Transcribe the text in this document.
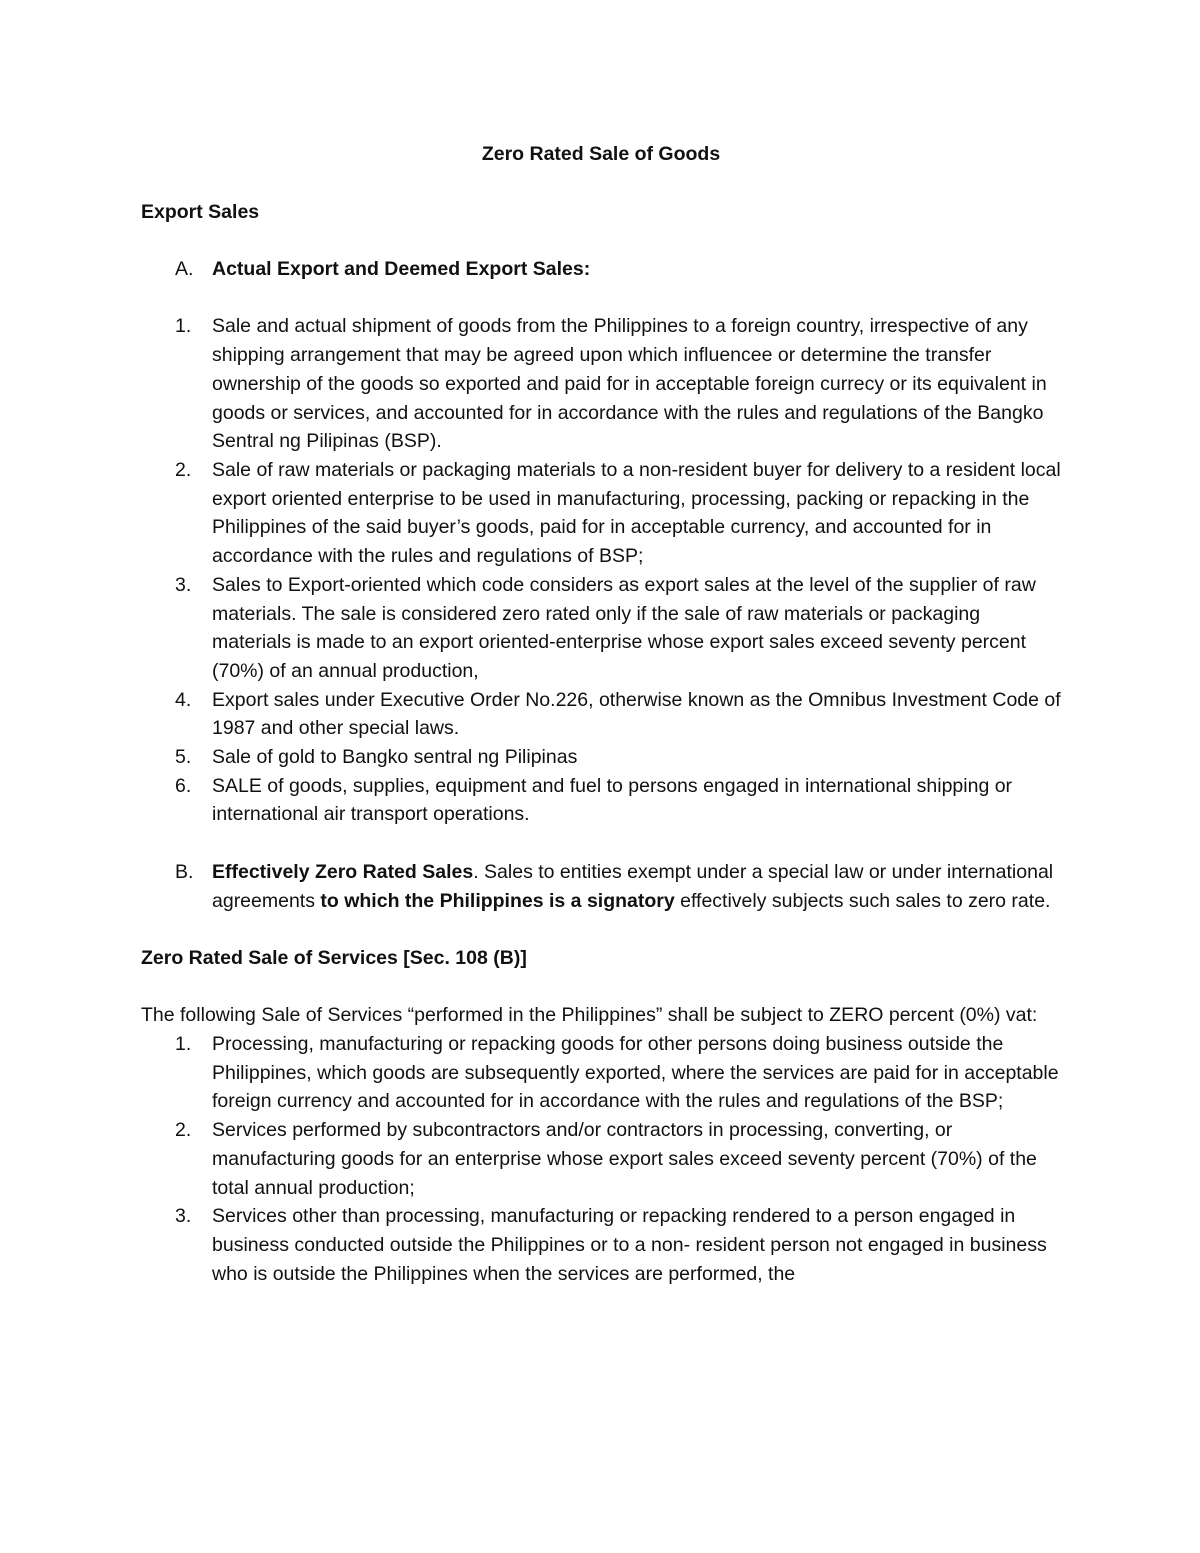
Zero Rated Sale of Goods

Export Sales

A. Actual Export and Deemed Export Sales:

1.	Sale and actual shipment of goods from the Philippines to a foreign country, irrespective of any shipping arrangement that may be agreed upon which influencee or determine the transfer ownership of the goods so exported and paid for in acceptable foreign currecy or its equivalent in goods or services, and accounted for in accordance with the rules and regulations of the Bangko Sentral ng Pilipinas (BSP).

2.	Sale of raw materials or packaging materials to a non-resident buyer for delivery to a resident local export oriented enterprise to be used in manufacturing, processing, packing or repacking in the Philippines of the said buyer’s goods, paid for in acceptable currency, and accounted for in accordance with the rules and regulations of BSP;

3.	Sales to Export-oriented which code considers as export sales at the level of the supplier of raw materials. The sale is considered zero rated only if the sale of raw materials or packaging materials is made to an export oriented-enterprise whose export sales exceed seventy percent (70%) of an annual production,

4.	Export sales under Executive Order No.226, otherwise known as the Omnibus Investment Code of 1987 and other special laws.

5.	Sale of gold to Bangko sentral ng Pilipinas

6.	SALE of goods, supplies, equipment and fuel to persons engaged in international shipping or international air transport operations.

B. Effectively Zero Rated Sales. Sales to entities exempt under a special law or under international agreements to which the Philippines is a signatory effectively subjects such sales to zero rate.

Zero Rated Sale of Services [Sec. 108 (B)]

The following Sale of Services “performed in the Philippines” shall be subject to ZERO percent (0%) vat:

1.	Processing, manufacturing or repacking goods for other persons doing business outside the Philippines, which goods are subsequently exported, where the services are paid for in acceptable foreign currency and accounted for in accordance with the rules and regulations of the BSP;

2.	Services performed by subcontractors and/or contractors in processing, converting, or manufacturing goods for an enterprise whose export sales exceed seventy percent (70%) of the total annual production;

3.	Services other than processing, manufacturing or repacking rendered to a person engaged in business conducted outside the Philippines or to a non- resident person not engaged in business who is outside the Philippines when the services are performed, the
